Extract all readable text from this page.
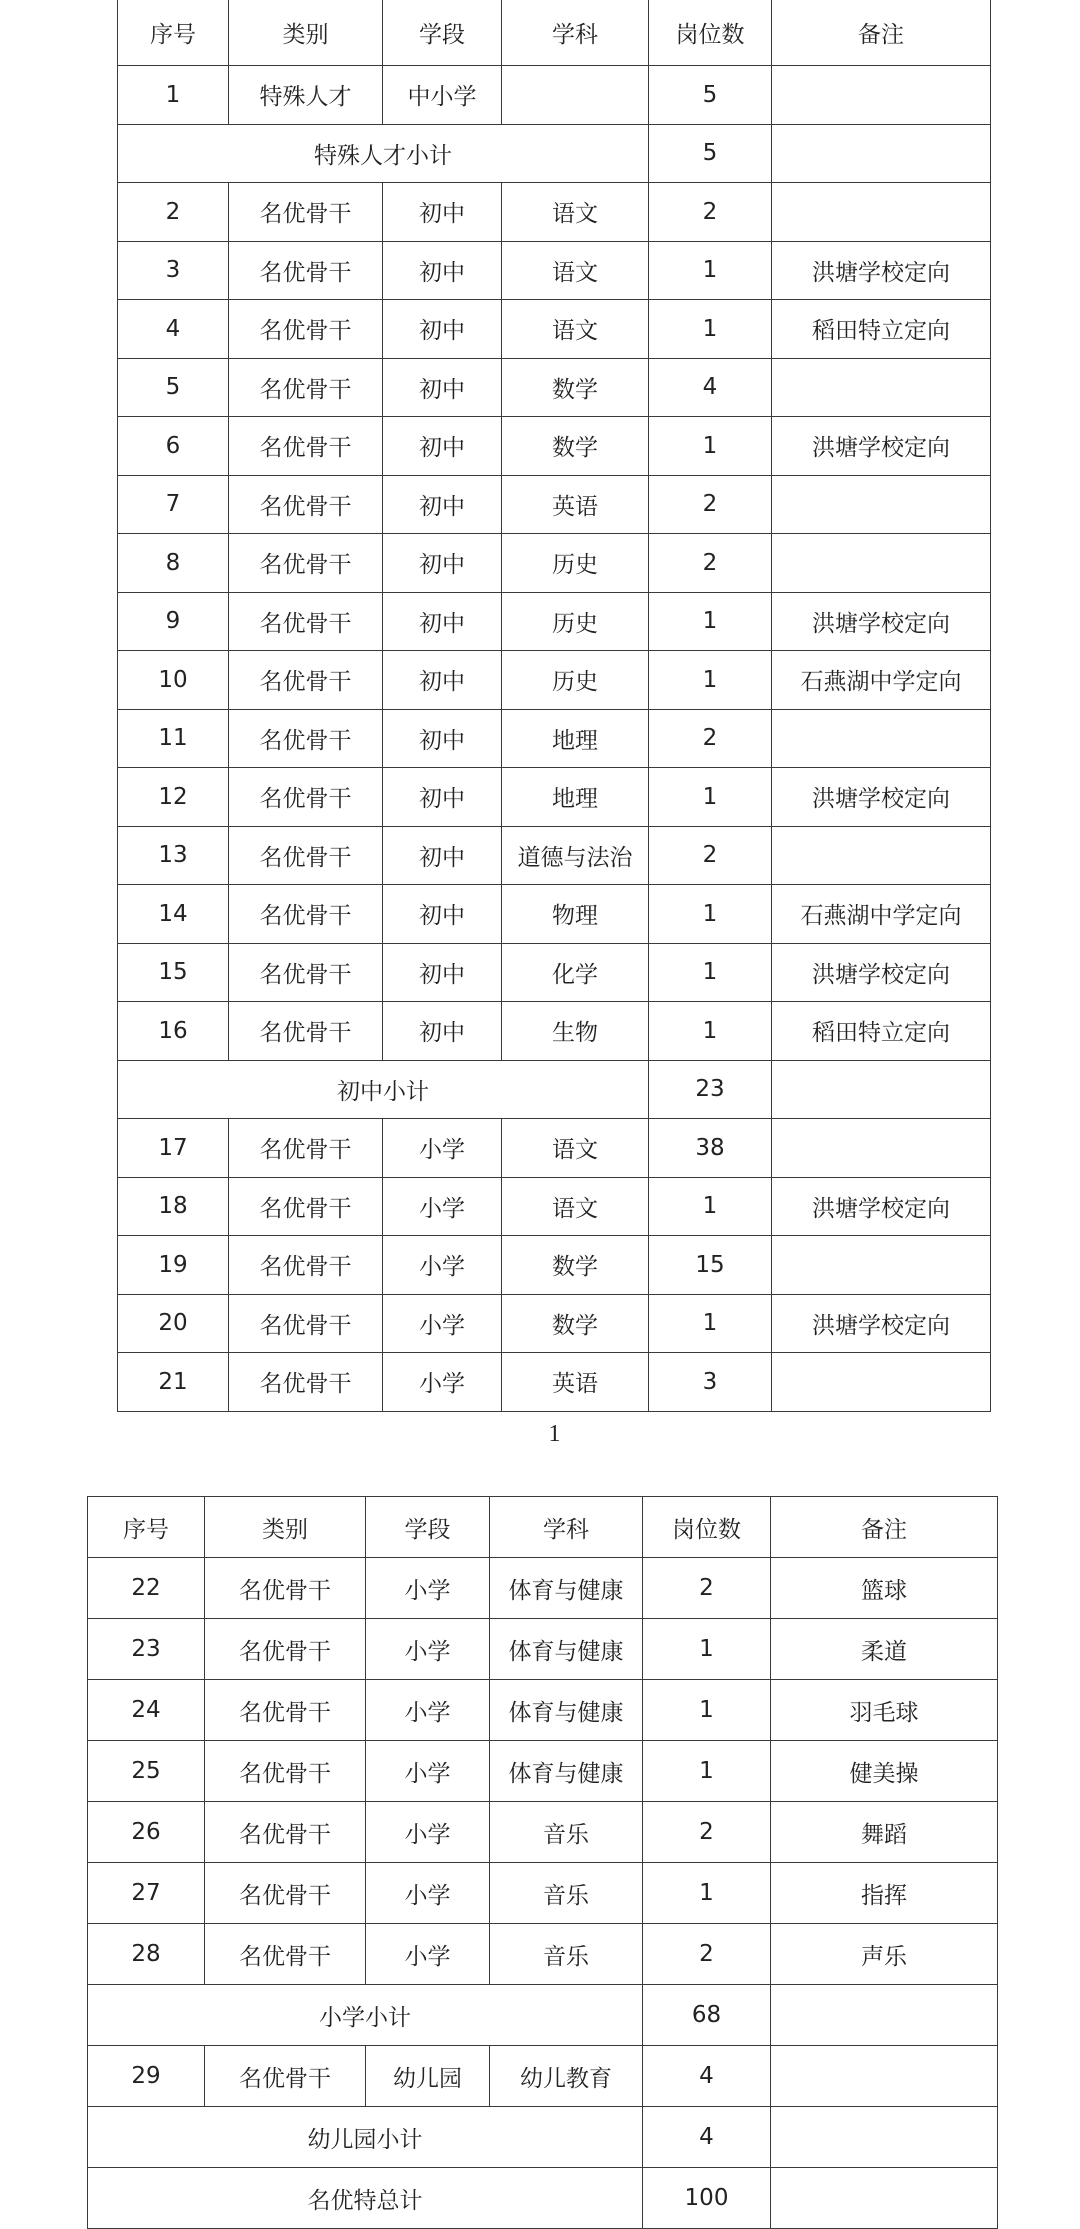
序号	类别	学段	学科	岗位数	备注
1	特殊人才	中小学		5	
特殊人才小计				5	
2	名优骨干	初中	语文	2	
3	名优骨干	初中	语文	1	洪塘学校定向
4	名优骨干	初中	语文	1	稻田特立定向
5	名优骨干	初中	数学	4	
6	名优骨干	初中	数学	1	洪塘学校定向
7	名优骨干	初中	英语	2	
8	名优骨干	初中	历史	2	
9	名优骨干	初中	历史	1	洪塘学校定向
10	名优骨干	初中	历史	1	石燕湖中学定向
11	名优骨干	初中	地理	2	
12	名优骨干	初中	地理	1	洪塘学校定向
13	名优骨干	初中	道德与法治	2	
14	名优骨干	初中	物理	1	石燕湖中学定向
15	名优骨干	初中	化学	1	洪塘学校定向
16	名优骨干	初中	生物	1	稻田特立定向
初中小计				23	
17	名优骨干	小学	语文	38	
18	名优骨干	小学	语文	1	洪塘学校定向
19	名优骨干	小学	数学	15	
20	名优骨干	小学	数学	1	洪塘学校定向
21	名优骨干	小学	英语	3	
1
序号	类别	学段	学科	岗位数	备注
22	名优骨干	小学	体育与健康	2	篮球
23	名优骨干	小学	体育与健康	1	柔道
24	名优骨干	小学	体育与健康	1	羽毛球
25	名优骨干	小学	体育与健康	1	健美操
26	名优骨干	小学	音乐	2	舞蹈
27	名优骨干	小学	音乐	1	指挥
28	名优骨干	小学	音乐	2	声乐
小学小计				68	
29	名优骨干	幼儿园	幼儿教育	4	
幼儿园小计				4	
名优特总计				100	
